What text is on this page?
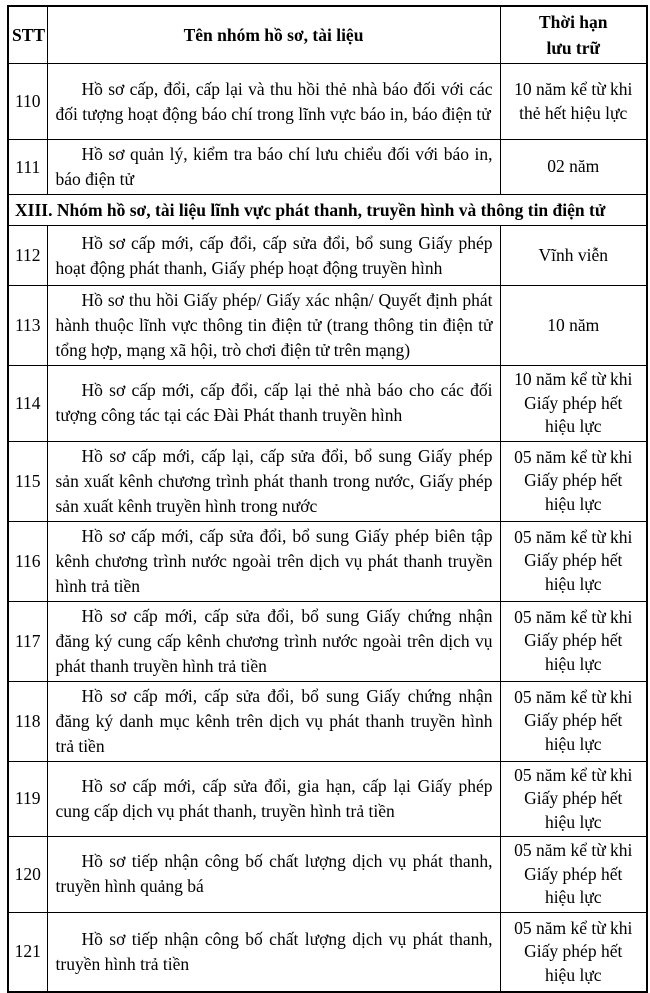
STT	Tên nhóm hồ sơ, tài liệu	Thời hạn lưu trữ
110	Hồ sơ cấp, đổi, cấp lại và thu hồi thẻ nhà báo đối với các đối tượng hoạt động báo chí trong lĩnh vực báo in, báo điện tử	10 năm kể từ khi thẻ hết hiệu lực
111	Hồ sơ quản lý, kiểm tra báo chí lưu chiểu đối với báo in, báo điện tử	02 năm
XIII. Nhóm hồ sơ, tài liệu lĩnh vực phát thanh, truyền hình và thông tin điện tử		
112	Hồ sơ cấp mới, cấp đổi, cấp sửa đổi, bổ sung Giấy phép hoạt động phát thanh, Giấy phép hoạt động truyền hình	Vĩnh viễn
113	Hồ sơ thu hồi Giấy phép/ Giấy xác nhận/ Quyết định phát hành thuộc lĩnh vực thông tin điện tử (trang thông tin điện tử tổng hợp, mạng xã hội, trò chơi điện tử trên mạng)	10 năm
114	Hồ sơ cấp mới, cấp đổi, cấp lại thẻ nhà báo cho các đối tượng công tác tại các Đài Phát thanh truyền hình	10 năm kể từ khi Giấy phép hết hiệu lực
115	Hồ sơ cấp mới, cấp lại, cấp sửa đổi, bổ sung Giấy phép sản xuất kênh chương trình phát thanh trong nước, Giấy phép sản xuất kênh truyền hình trong nước	05 năm kể từ khi Giấy phép hết hiệu lực
116	Hồ sơ cấp mới, cấp sửa đổi, bổ sung Giấy phép biên tập kênh chương trình nước ngoài trên dịch vụ phát thanh truyền hình trả tiền	05 năm kể từ khi Giấy phép hết hiệu lực
117	Hồ sơ cấp mới, cấp sửa đổi, bổ sung Giấy chứng nhận đăng ký cung cấp kênh chương trình nước ngoài trên dịch vụ phát thanh truyền hình trả tiền	05 năm kể từ khi Giấy phép hết hiệu lực
118	Hồ sơ cấp mới, cấp sửa đổi, bổ sung Giấy chứng nhận đăng ký danh mục kênh trên dịch vụ phát thanh truyền hình trả tiền	05 năm kể từ khi Giấy phép hết hiệu lực
119	Hồ sơ cấp mới, cấp sửa đổi, gia hạn, cấp lại Giấy phép cung cấp dịch vụ phát thanh, truyền hình trả tiền	05 năm kể từ khi Giấy phép hết hiệu lực
120	Hồ sơ tiếp nhận công bố chất lượng dịch vụ phát thanh, truyền hình quảng bá	05 năm kể từ khi Giấy phép hết hiệu lực
121	Hồ sơ tiếp nhận công bố chất lượng dịch vụ phát thanh, truyền hình trả tiền	05 năm kể từ khi Giấy phép hết hiệu lực
